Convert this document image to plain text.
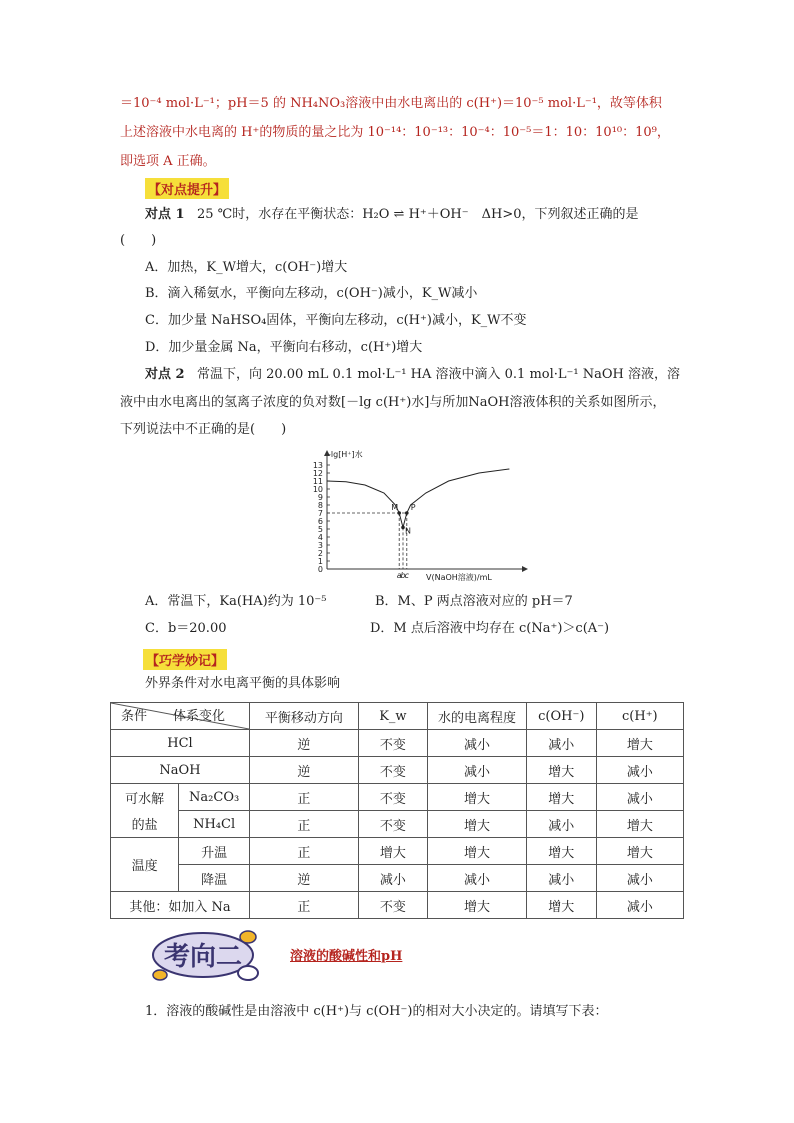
＝10⁻⁴ mol·L⁻¹；pH＝5 的 NH₄NO₃溶液中由水电离出的 c(H⁺)＝10⁻⁵ mol·L⁻¹，故等体积
上述溶液中水电离的 H⁺的物质的量之比为 10⁻¹⁴：10⁻¹³：10⁻⁴：10⁻⁵＝1：10：10¹⁰：10⁹，
即选项 A 正确。
【对点提升】
对点 1 25 ℃时，水存在平衡状态：H₂O ⇌ H⁺＋OH⁻　ΔH>0，下列叙述正确的是
(　　)
A．加热，K_W增大，c(OH⁻)增大
B．滴入稀氨水，平衡向左移动，c(OH⁻)减小，K_W减小
C．加少量 NaHSO₄固体，平衡向左移动，c(H⁺)减小，K_W不变
D．加少量金属 Na，平衡向右移动，c(H⁺)增大
对点 2 常温下，向 20.00 mL 0.1 mol·L⁻¹ HA 溶液中滴入 0.1 mol·L⁻¹ NaOH 溶液，溶
液中由水电离出的氢离子浓度的负对数[－lg c(H⁺)水]与所加NaOH溶液体积的关系如图所示，
下列说法中不正确的是(　　)
0
1
2
3
4
5
6
7
8
9
10
11
12
13
M
N
P
a
b c
-lg[H⁺]水
V(NaOH溶液)/mL
A．常温下，Ka(HA)约为 10⁻⁵	B．M、P 两点溶液对应的 pH＝7
C．b＝20.00	D．M 点后溶液中均存在 c(Na⁺)＞c(A⁻)
【巧学妙记】
外界条件对水电离平衡的具体影响
条件 体系变化		平衡移动方向	K_w	水的电离程度	c(OH⁻)	c(H⁺)
HCl		逆	不变	减小	减小	增大
NaOH		逆	不变	减小	增大	减小
可水解	Na₂CO₃	正	不变	增大	增大	减小
的盐	NH₄Cl	正	不变	增大	减小	增大
温度	升温	正	增大	增大	增大	增大
	降温	逆	减小	减小	减小	减小
其他：如加入 Na		正	不变	增大	增大	减小
考向二	溶液的酸碱性和pH
1．溶液的酸碱性是由溶液中 c(H⁺)与 c(OH⁻)的相对大小决定的。请填写下表：
